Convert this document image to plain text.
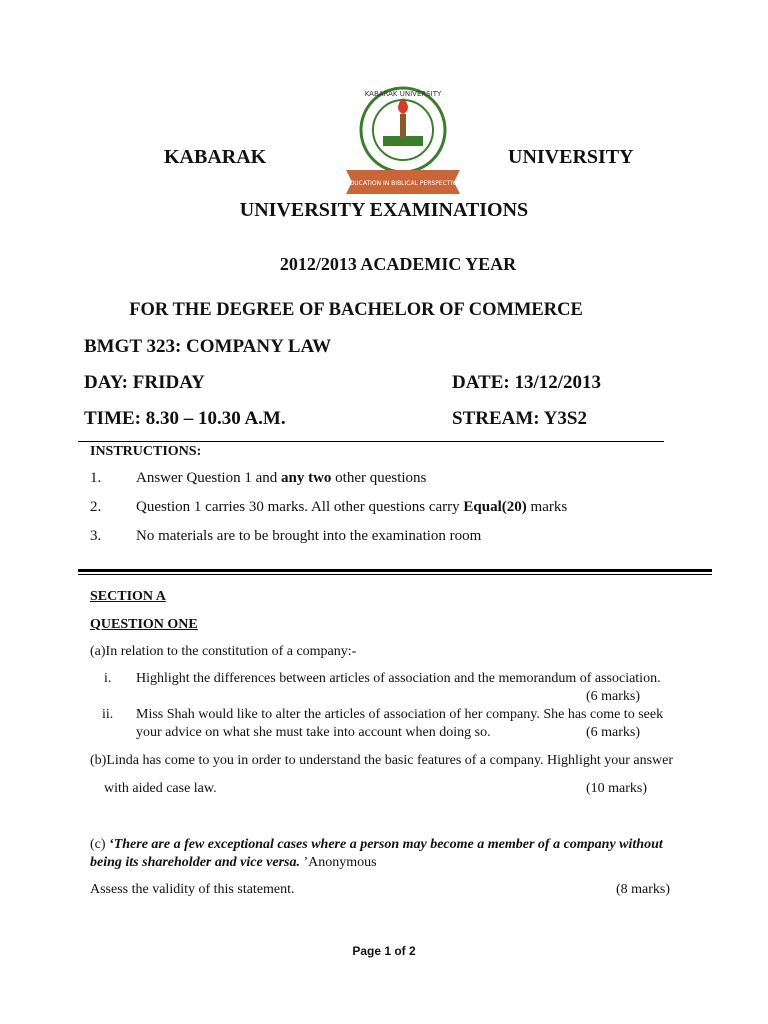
KABARAK UNIVERSITY
EDUCATION IN BIBLICAL PERSPECTIVE
KABARAK	UNIVERSITY
UNIVERSITY EXAMINATIONS
2012/2013 ACADEMIC YEAR
FOR THE DEGREE OF BACHELOR OF COMMERCE
BMGT 323: COMPANY LAW
DAY: FRIDAY	DATE: 13/12/2013
TIME: 8.30 – 10.30 A.M.	STREAM: Y3S2
INSTRUCTIONS:
1. Answer Question 1 and any two other questions
2. Question 1 carries 30 marks. All other questions carry Equal(20) marks
3. No materials are to be brought into the examination room
SECTION A
QUESTION ONE
(a)In relation to the constitution of a company:-
i. Highlight the differences between articles of association and the memorandum of association.
(6 marks)
ii. Miss Shah would like to alter the articles of association of her company. She has come to seek
your advice on what she must take into account when doing so.	(6 marks)
(b)Linda has come to you in order to understand the basic features of a company. Highlight your answer
with aided case law.	(10 marks)
(c) ‘There are a few exceptional cases where a person may become a member of a company without
being its shareholder and vice versa. ’Anonymous
Assess the validity of this statement.	(8 marks)
Page 1 of 2
